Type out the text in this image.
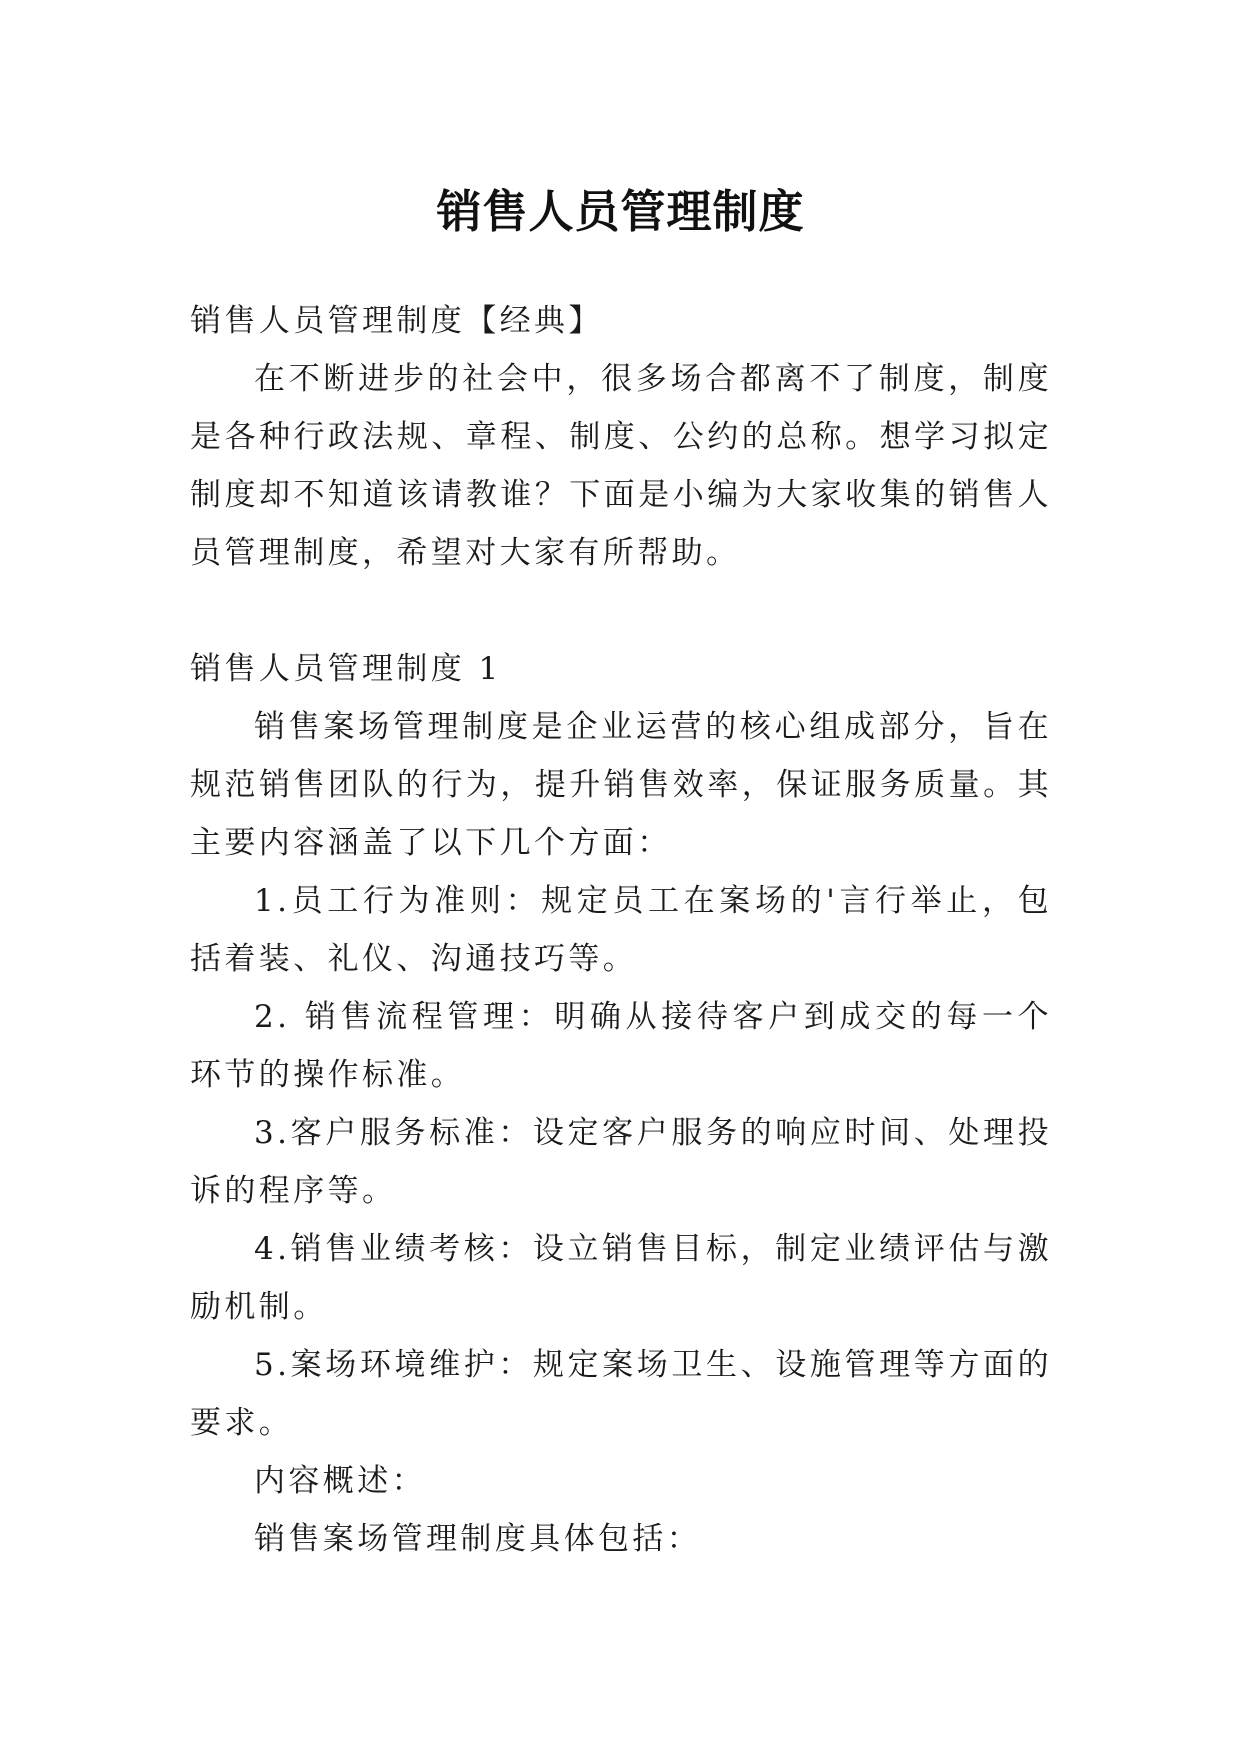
销售人员管理制度

销售人员管理制度【经典】

在不断进步的社会中，很多场合都离不了制度，制度是各种行政法规、章程、制度、公约的总称。想学习拟定制度却不知道该请教谁？下面是小编为大家收集的销售人员管理制度，希望对大家有所帮助。

销售人员管理制度 1

销售案场管理制度是企业运营的核心组成部分，旨在规范销售团队的行为，提升销售效率，保证服务质量。其主要内容涵盖了以下几个方面：

1.员工行为准则：规定员工在案场的'言行举止，包括着装、礼仪、沟通技巧等。

2. 销售流程管理：明确从接待客户到成交的每一个环节的操作标准。

3.客户服务标准：设定客户服务的响应时间、处理投诉的程序等。

4.销售业绩考核：设立销售目标，制定业绩评估与激励机制。

5.案场环境维护：规定案场卫生、设施管理等方面的要求。

内容概述：

销售案场管理制度具体包括：
